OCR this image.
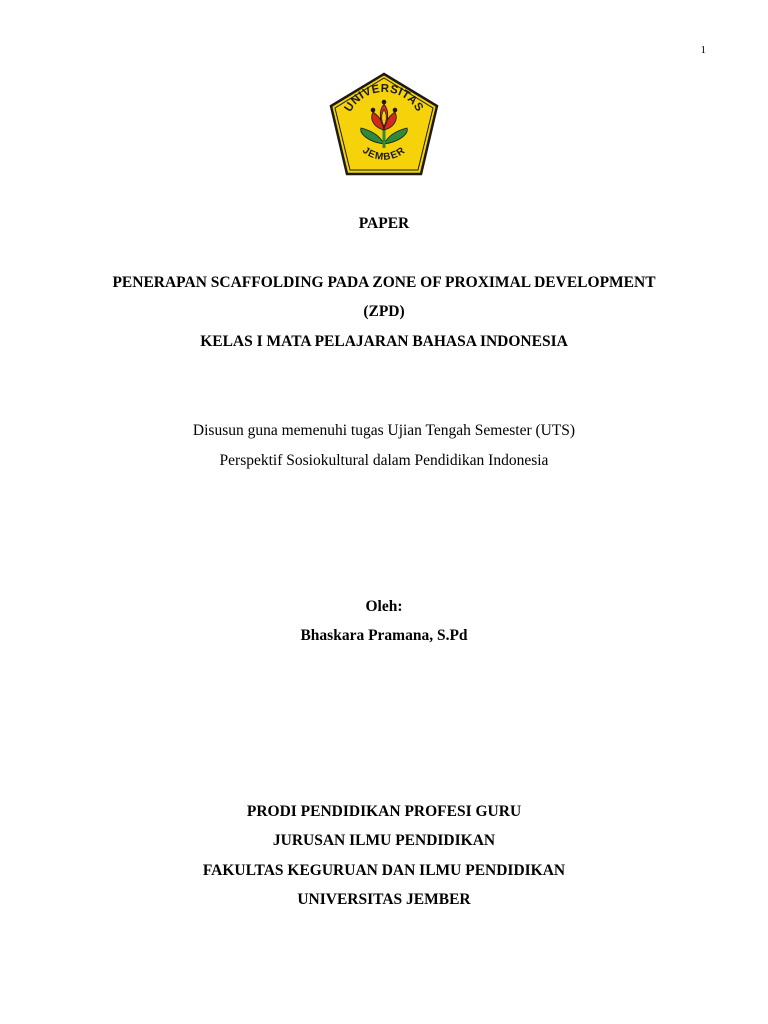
1
UNIVERSITAS
JEMBER
PAPER
PENERAPAN SCAFFOLDING PADA ZONE OF PROXIMAL DEVELOPMENT
(ZPD)
KELAS I MATA PELAJARAN BAHASA INDONESIA
Disusun guna memenuhi tugas Ujian Tengah Semester (UTS)
Perspektif Sosiokultural dalam Pendidikan Indonesia
Oleh:
Bhaskara Pramana, S.Pd
PRODI PENDIDIKAN PROFESI GURU
JURUSAN ILMU PENDIDIKAN
FAKULTAS KEGURUAN DAN ILMU PENDIDIKAN
UNIVERSITAS JEMBER
